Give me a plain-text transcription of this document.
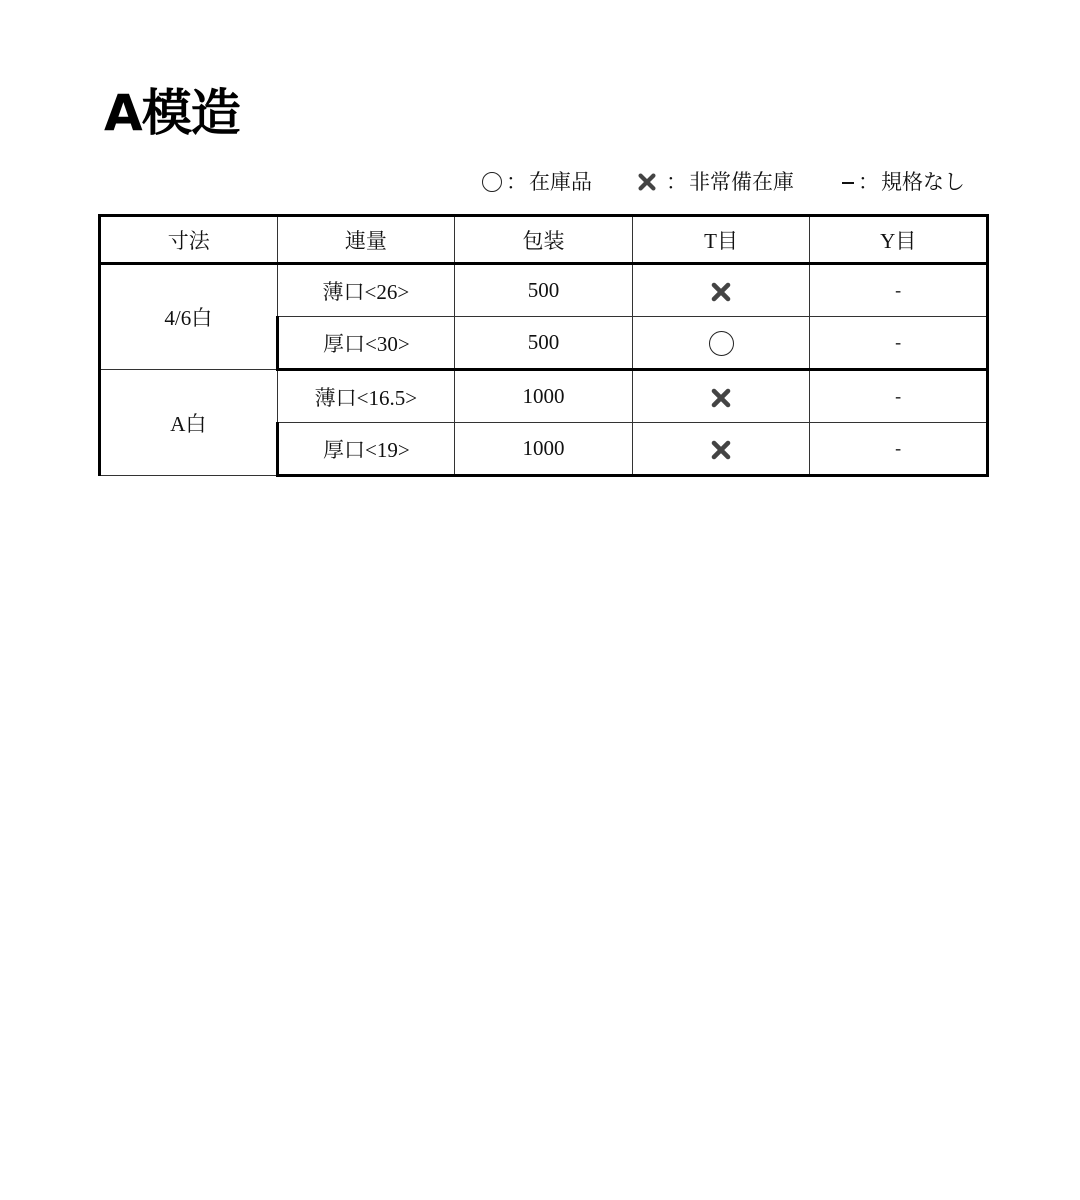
A模造
： 在庫品	： 非常備在庫	： 規格なし
寸法	連量	包装	T目	Y目
4/6白	薄口<26>	500		-
	厚口<30>	500		-
A白	薄口<16.5>	1000		-
	厚口<19>	1000		-
